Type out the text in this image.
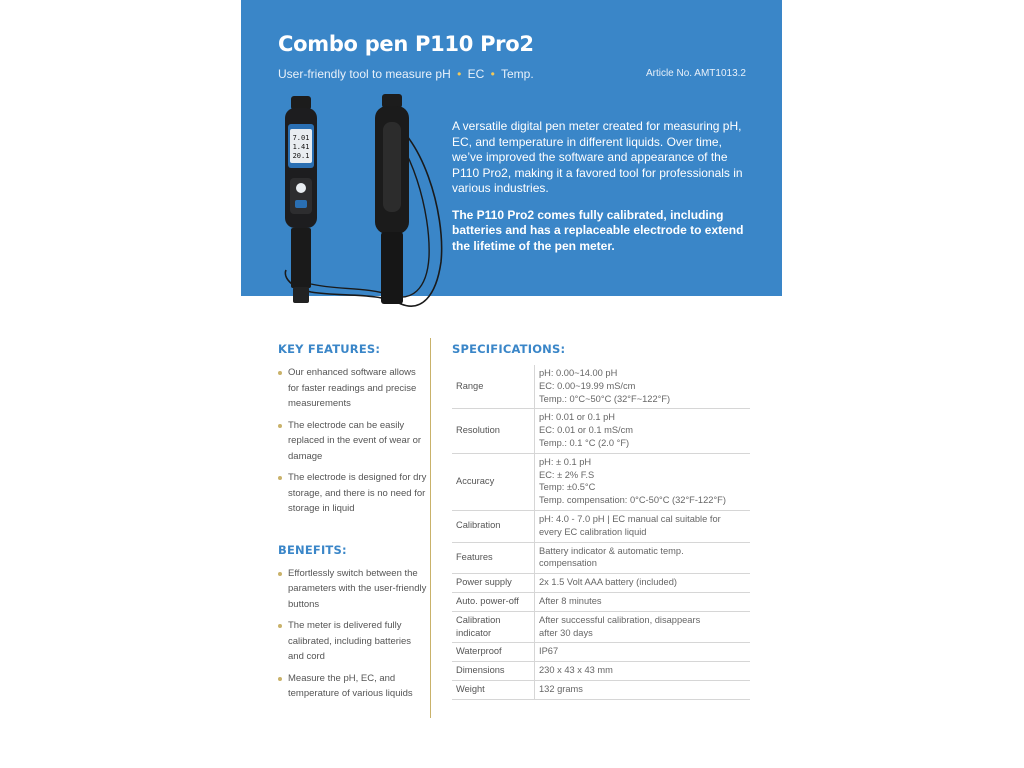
Combo pen P110 Pro2
User-friendly tool to measure pH • EC • Temp.	Article No. AMT1013.2
7.01
1.41
20.1

A versatile digital pen meter created for measuring pH, EC, and temperature in different liquids. Over time, we’ve improved the software and appearance of the P110 Pro2, making it a favored tool for professionals in various industries.

The P110 Pro2 comes fully calibrated, including batteries and has a replaceable electrode to extend the lifetime of the pen meter.

KEY FEATURES:
Our enhanced software allows for faster readings and precise measurements
The electrode can be easily replaced in the event of wear or damage
The electrode is designed for dry storage, and there is no need for storage in liquid
BENEFITS:
Effortlessly switch between the parameters with the user-friendly buttons
The meter is delivered fully calibrated, including batteries and cord
Measure the pH, EC, and temperature of various liquids
SPECIFICATIONS:
Range	pH: 0.00~14.00 pH
EC: 0.00~19.99 mS/cm
Temp.: 0°C~50°C (32°F~122°F)

Resolution	pH: 0.01 or 0.1 pH
EC: 0.01 or 0.1 mS/cm
Temp.: 0.1 °C (2.0 °F)

Accuracy	pH: ± 0.1 pH
EC: ± 2% F.S
Temp: ±0.5°C
Temp. compensation: 0°C-50°C (32°F-122°F)

Calibration	pH: 4.0 - 7.0 pH | EC manual cal suitable for
every EC calibration liquid

Features	Battery indicator & automatic temp.
compensation

Power supply	2x 1.5 Volt AAA battery (included)

Auto. power-off	After 8 minutes

Calibration indicator	After successful calibration, disappears
after 30 days

Waterproof	IP67

Dimensions	230 x 43 x 43 mm

Weight	132 grams
